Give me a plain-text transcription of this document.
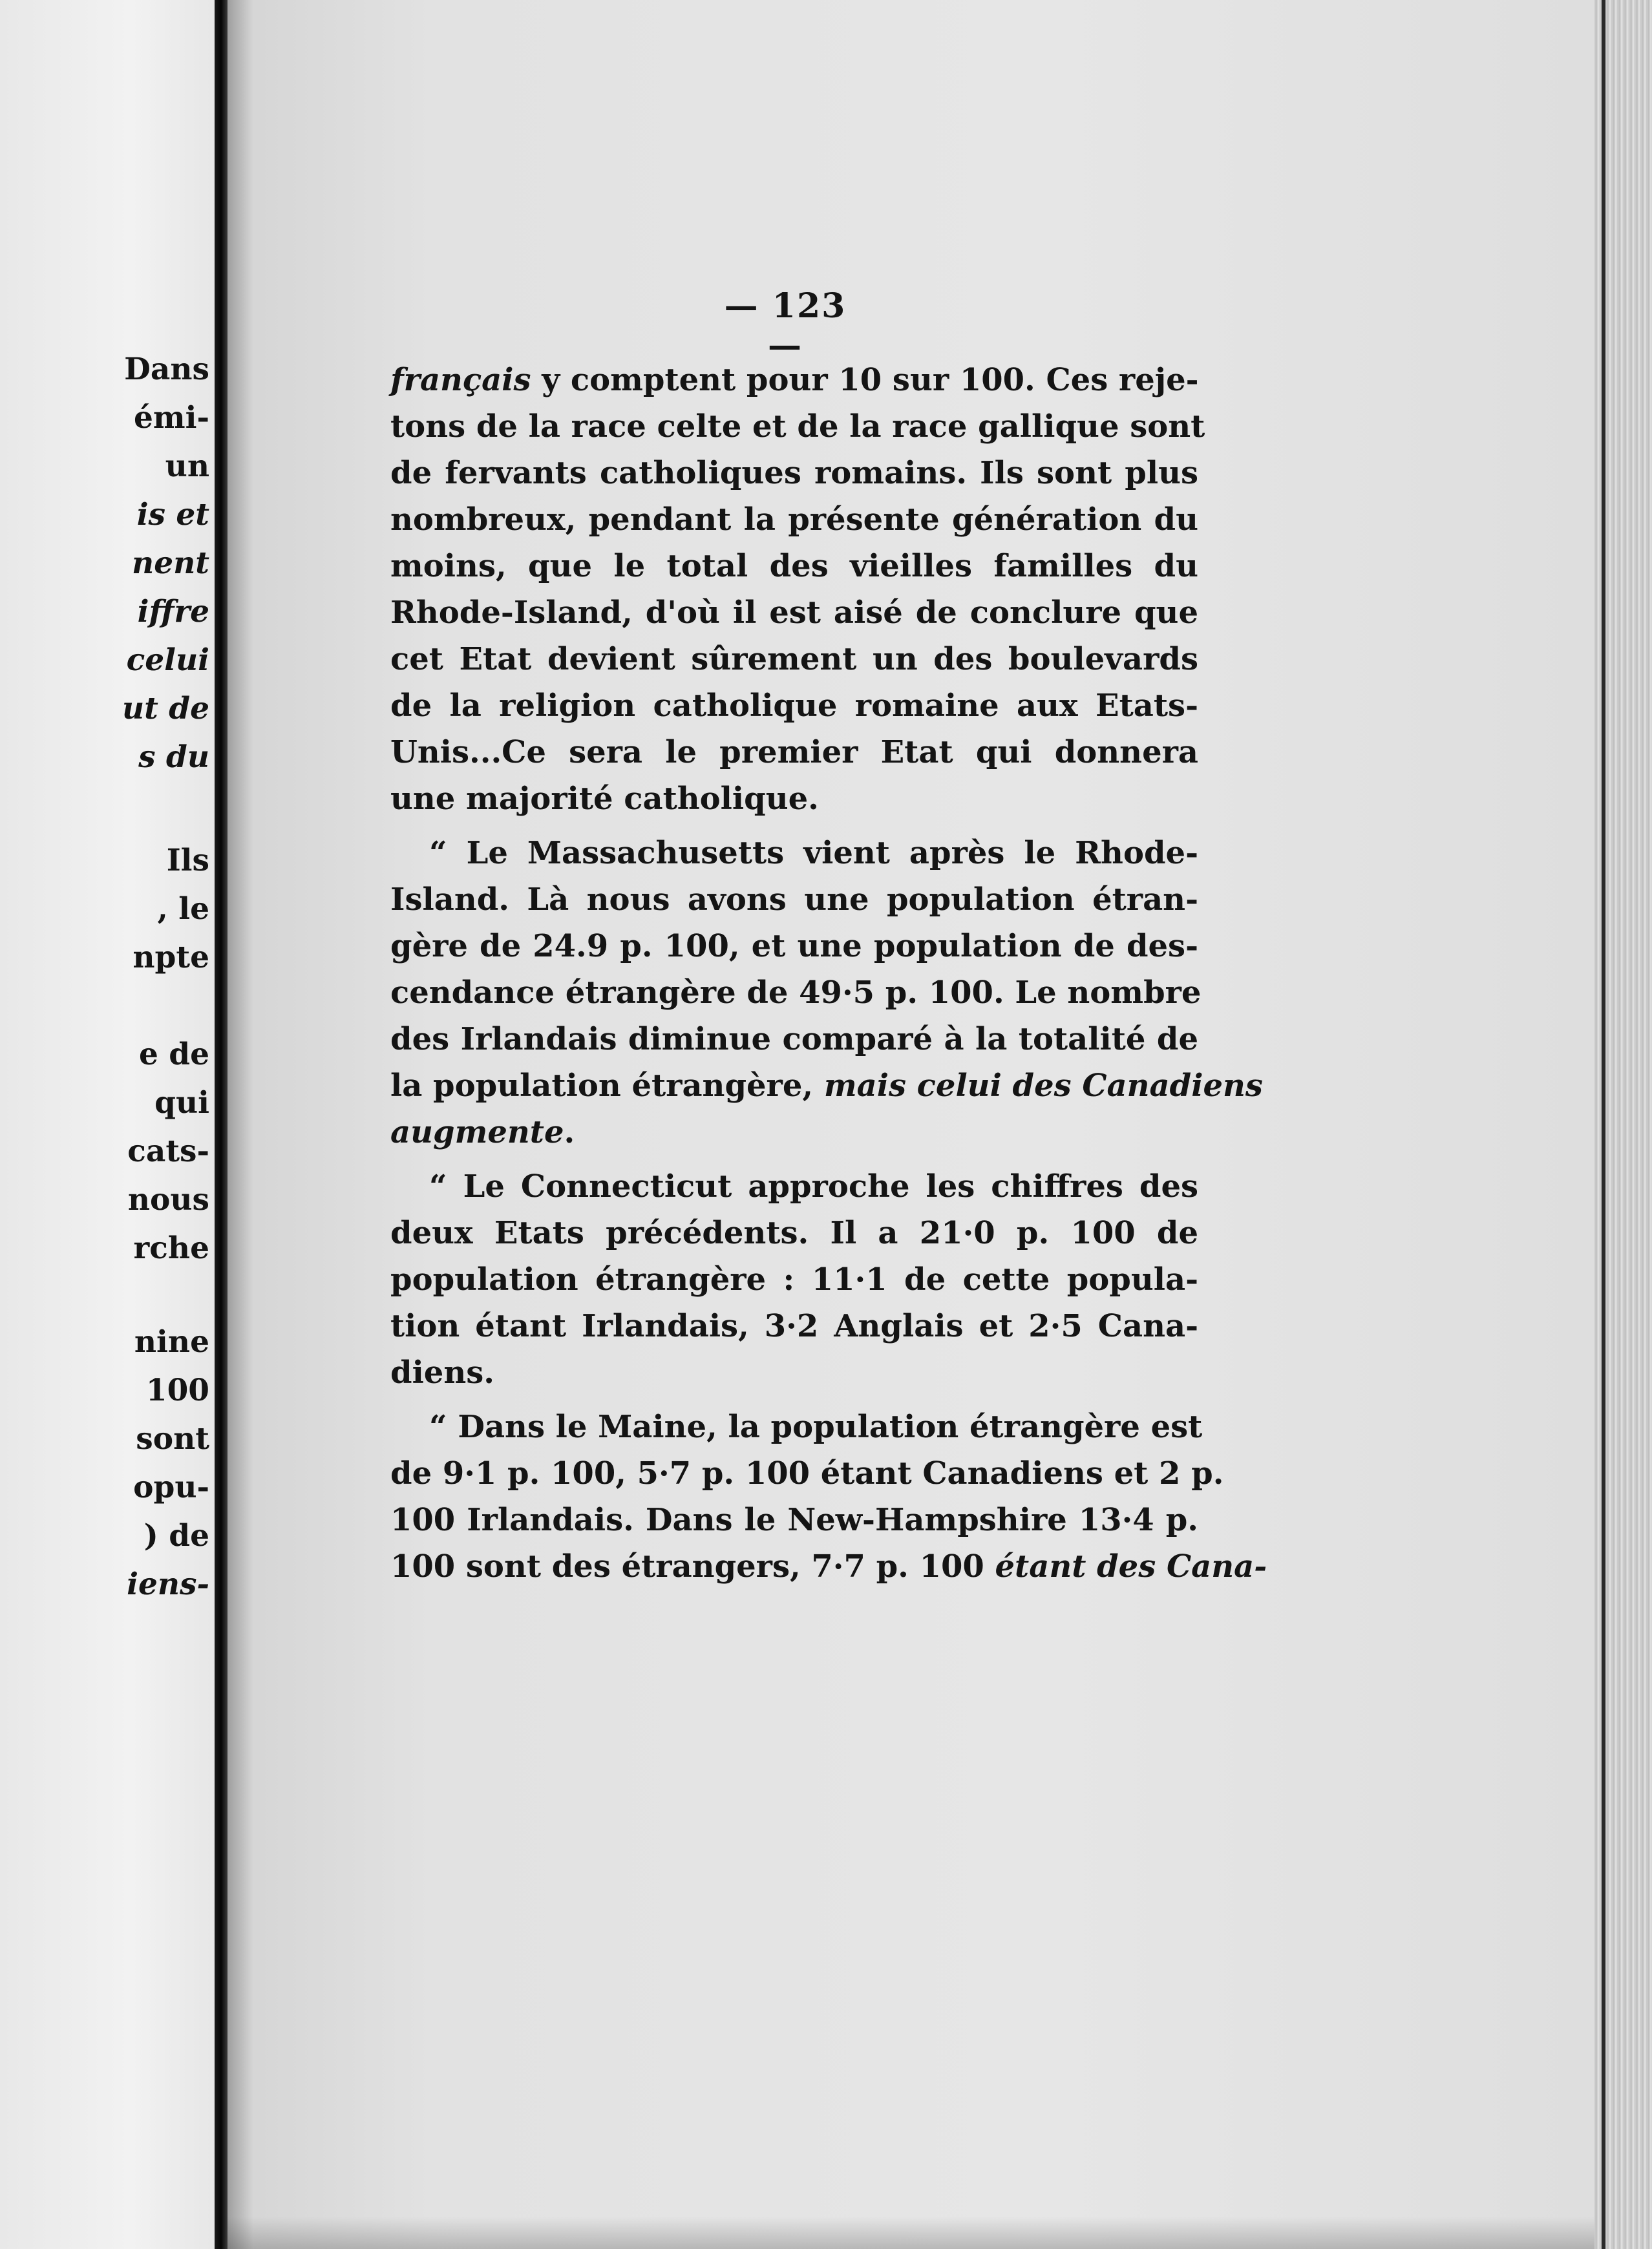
Dans
émi-
un
is et
nent
iffre
celui
ut de
s du
Ils
, le
npte
e de
qui
cats-
nous
rche
nine
100
sont
opu-
) de
iens-
— 123 —
français y comptent pour 10 sur 100. Ces reje-
tons de la race celte et de la race gallique sont
de fervants catholiques romains. Ils sont plus
nombreux, pendant la présente génération du
moins, que le total des vieilles familles du
Rhode-Island, d'où il est aisé de conclure que
cet Etat devient sûrement un des boulevards
de la religion catholique romaine aux Etats-
Unis...Ce sera le premier Etat qui donnera
une majorité catholique.
“ Le Massachusetts vient après le Rhode-
Island. Là nous avons une population étran-
gère de 24.9 p. 100, et une population de des-
cendance étrangère de 49·5 p. 100. Le nombre
des Irlandais diminue comparé à la totalité de
la population étrangère, mais celui des Canadiens
augmente.
“ Le Connecticut approche les chiffres des
deux Etats précédents. Il a 21·0 p. 100 de
population étrangère : 11·1 de cette popula-
tion étant Irlandais, 3·2 Anglais et 2·5 Cana-
diens.
“ Dans le Maine, la population étrangère est
de 9·1 p. 100, 5·7 p. 100 étant Canadiens et 2 p.
100 Irlandais. Dans le New-Hampshire 13·4 p.
100 sont des étrangers, 7·7 p. 100 étant des Cana-
